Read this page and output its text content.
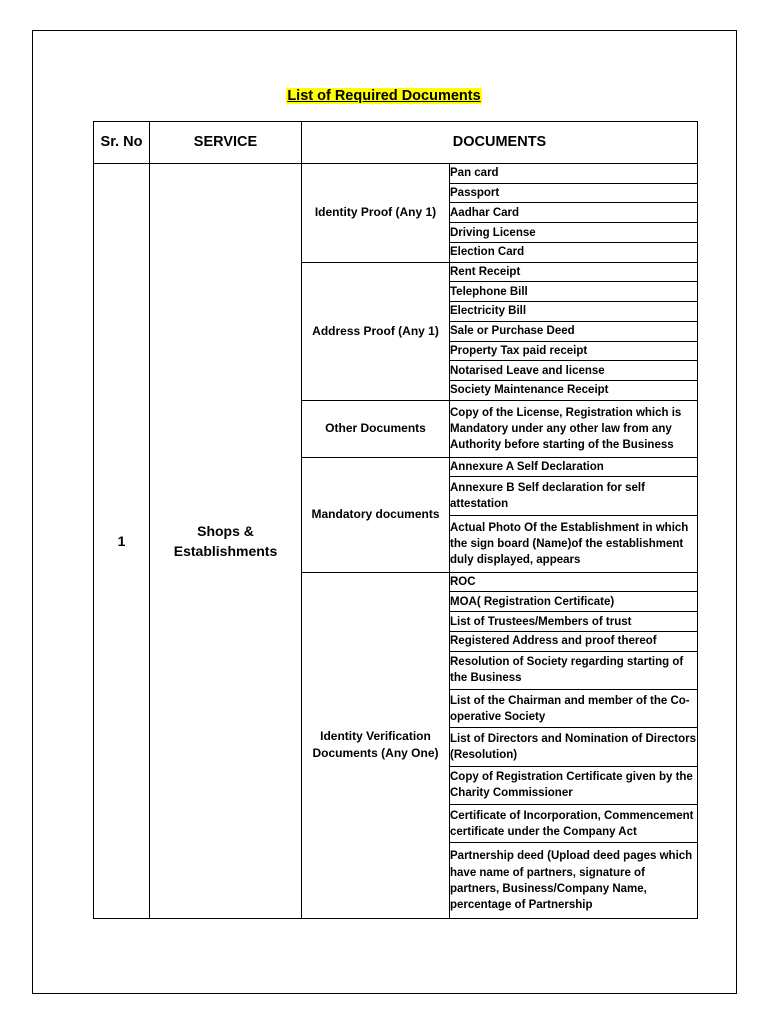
List of Required Documents
Sr. No	SERVICE	DOCUMENTS	
1	Shops & Establishments	Identity Proof (Any 1)	Pan card
			Passport
			Aadhar Card
			Driving License
			Election Card
		Address Proof (Any 1)	Rent Receipt
			Telephone Bill
			Electricity Bill
			Sale or Purchase Deed
			Property Tax paid receipt
			Notarised Leave and license
			Society Maintenance Receipt
		Other Documents	Copy of the License, Registration which is Mandatory under any other law from any Authority before starting of the Business
		Mandatory documents	Annexure A Self Declaration
			Annexure B Self declaration for self attestation
			Actual Photo Of the Establishment in which the sign board (Name)of the establishment duly displayed, appears
		Identity Verification Documents (Any One)	ROC
			MOA( Registration Certificate)
			List of Trustees/Members of trust
			Registered Address and proof thereof
			Resolution of Society regarding starting of the Business
			List of the Chairman and member of the Co-operative Society
			List of Directors and Nomination of Directors (Resolution)
			Copy of Registration Certificate given by the Charity Commissioner
			Certificate of Incorporation, Commencement certificate under the Company Act
			Partnership deed (Upload deed pages which have name of partners, signature of partners, Business/Company Name, percentage of Partnership
